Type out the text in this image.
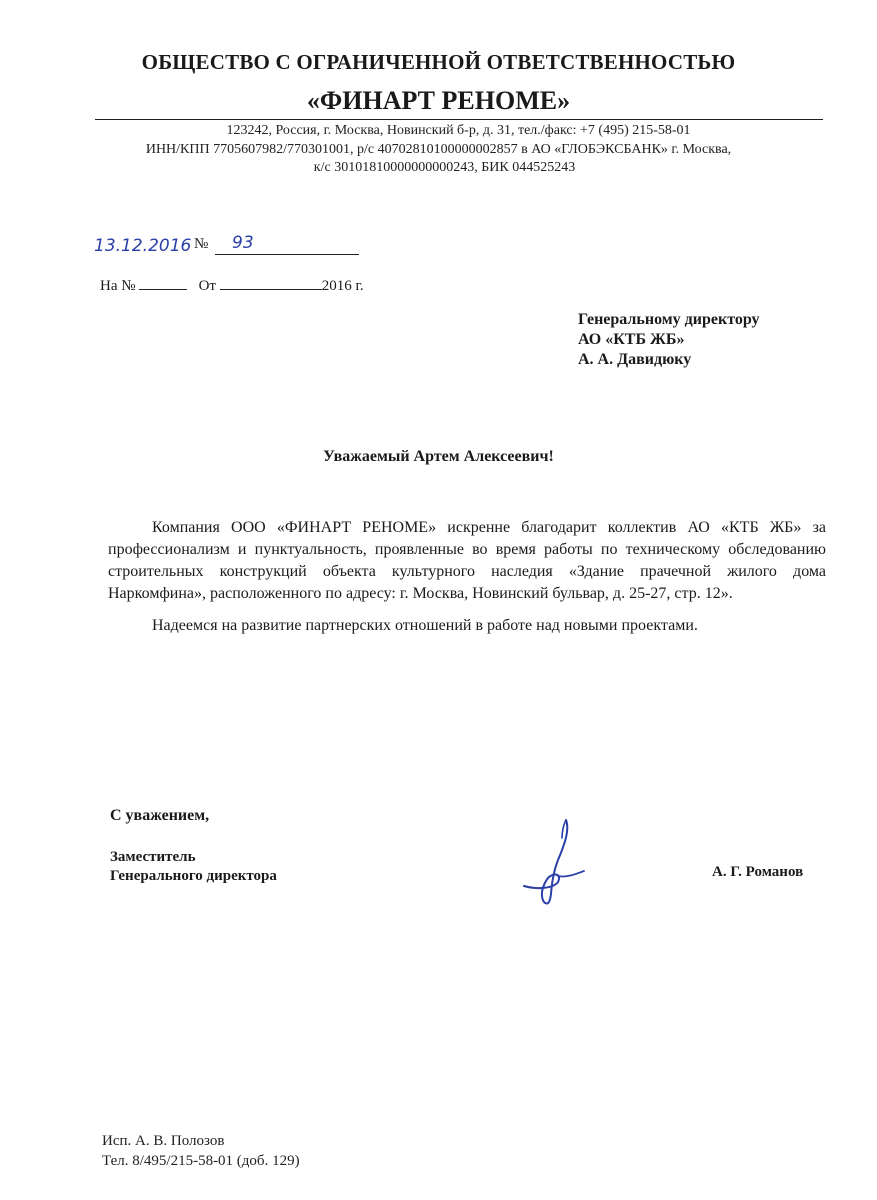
ОБЩЕСТВО С ОГРАНИЧЕННОЙ ОТВЕТСТВЕННОСТЬЮ
«ФИНАРТ РЕНОМЕ»
123242, Россия, г. Москва, Новинский б-р, д. 31, тел./факс: +7 (495) 215-58-01
ИНН/КПП 7705607982/770301001, р/с 40702810100000002857 в АО «ГЛОБЭКСБАНК» г. Москва,
к/с 30101810000000000243, БИК 044525243
13.12.2016 № 93
На №	От	2016 г.
Генеральному директору
АО «КТБ ЖБ»
А. А. Давидюку
Уважаемый Артем Алексеевич!
Компания ООО «ФИНАРТ РЕНОМЕ» искренне благодарит коллектив АО «КТБ ЖБ» за профессионализм и пунктуальность, проявленные во время работы по техническому обследованию строительных конструкций объекта культурного наследия «Здание прачечной жилого дома Наркомфина», расположенного по адресу: г. Москва, Новинский бульвар, д. 25-27, стр. 12».
Надеемся на развитие партнерских отношений в работе над новыми проектами.
С уважением,
Заместитель
Генерального директора	А. Г. Романов
Исп. А. В. Полозов
Тел. 8/495/215-58-01 (доб. 129)
